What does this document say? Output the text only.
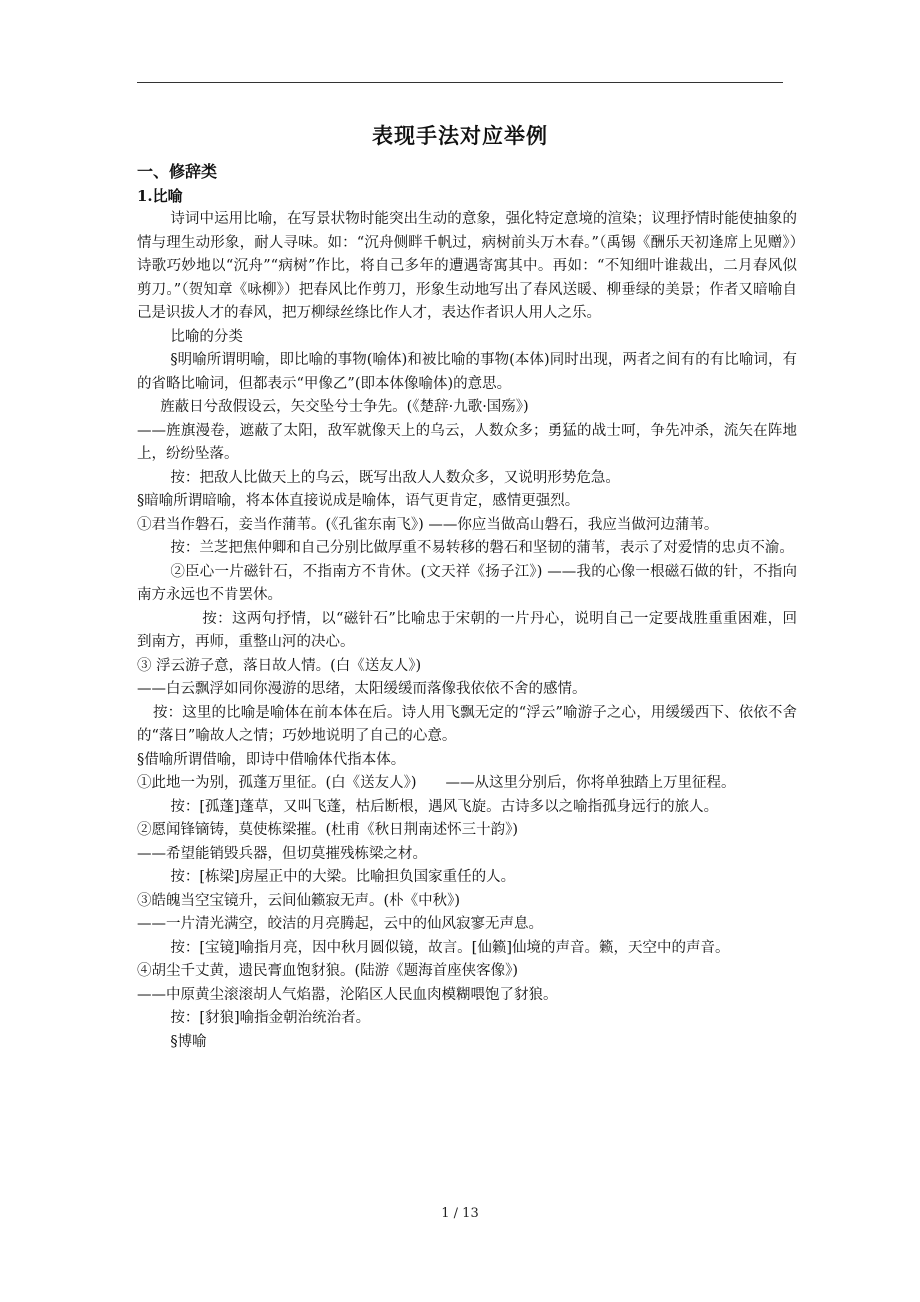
表现手法对应举例
一、修辞类
1.比喻

诗词中运用比喻，在写景状物时能突出生动的意象，强化特定意境的渲染；议理抒情时能使抽象的情与理生动形象，耐人寻味。如：“沉舟侧畔千帆过，病树前头万木春。”（禹锡《酬乐天初逢席上见赠》）诗歌巧妙地以“沉舟”“病树”作比，将自己多年的遭遇寄寓其中。再如：“不知细叶谁裁出，二月春风似剪刀。”（贺知章《咏柳》）把春风比作剪刀，形象生动地写出了春风送暖、柳垂绿的美景；作者又暗喻自己是识拔人才的春风，把万柳绿丝绦比作人才，表达作者识人用人之乐。

比喻的分类

§明喻所谓明喻，即比喻的事物(喻体)和被比喻的事物(本体)同时出现，两者之间有的有比喻词，有的省略比喻词，但都表示“甲像乙”(即本体像喻体)的意思。

旌蔽日兮敌假设云，矢交坠兮士争先。(《楚辞·九歌·国殇》)

——旌旗漫卷，遮蔽了太阳，敌军就像天上的乌云，人数众多；勇猛的战士呵，争先冲杀，流矢在阵地上，纷纷坠落。

按：把敌人比做天上的乌云，既写出敌人人数众多，又说明形势危急。

§暗喻所谓暗喻，将本体直接说成是喻体，语气更肯定，感情更强烈。

①君当作磐石，妾当作蒲苇。(《孔雀东南飞》) ——你应当做高山磐石，我应当做河边蒲苇。

按：兰芝把焦仲卿和自己分别比做厚重不易转移的磐石和坚韧的蒲苇，表示了对爱情的忠贞不渝。

②臣心一片磁针石，不指南方不肯休。(文天祥《扬子江》) ——我的心像一根磁石做的针，不指向南方永远也不肯罢休。

按：这两句抒情，以“磁针石”比喻忠于宋朝的一片丹心，说明自己一定要战胜重重困难，回到南方，再师，重整山河的决心。

③ 浮云游子意，落日故人情。(白《送友人》)

——白云飘浮如同你漫游的思绪，太阳缓缓而落像我依依不舍的感情。

按：这里的比喻是喻体在前本体在后。诗人用飞飘无定的“浮云”喻游子之心，用缓缓西下、依依不舍的“落日”喻故人之情；巧妙地说明了自己的心意。

§借喻所谓借喻，即诗中借喻体代指本体。

①此地一为别，孤蓬万里征。(白《送友人》)　　——从这里分别后，你将单独踏上万里征程。

按：[孤蓬]蓬草，又叫飞蓬，枯后断根，遇风飞旋。古诗多以之喻指孤身远行的旅人。

②愿闻锋镝铸，莫使栋梁摧。(杜甫《秋日荆南述怀三十韵》)

——希望能销毁兵器，但切莫摧残栋梁之材。

按：[栋梁]房屋正中的大梁。比喻担负国家重任的人。

③皓魄当空宝镜升，云间仙籁寂无声。(朴《中秋》)

——一片清光满空，皎洁的月亮腾起，云中的仙风寂寥无声息。

按：[宝镜]喻指月亮，因中秋月圆似镜，故言。[仙籁]仙境的声音。籁，天空中的声音。

④胡尘千丈黄，遗民膏血饱豺狼。(陆游《题海首座侠客像》)

——中原黄尘滚滚胡人气焰嚣，沦陷区人民血肉模糊喂饱了豺狼。

按：[豺狼]喻指金朝治统治者。

§博喻

1 / 13
